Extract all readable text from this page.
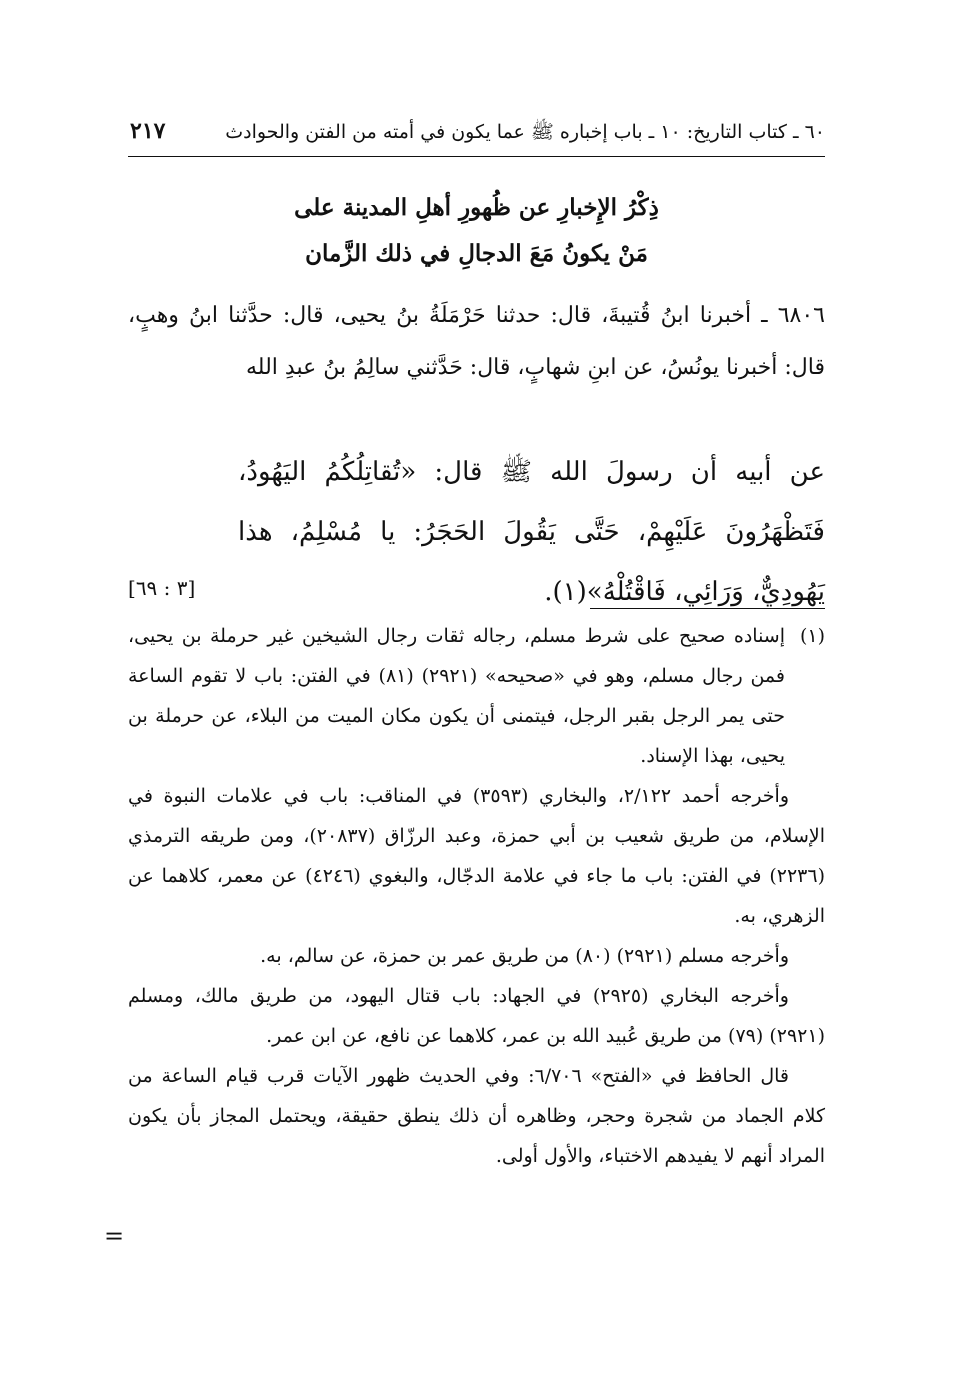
٦٠ ـ كتاب التاريخ: ١٠ ـ باب إخباره ﷺ عما يكون في أمته من الفتن والحوادث
٢١٧
ذِكْرُ الإِخبارِ عن ظُهورِ أهلِ المدينة على
مَنْ يكونُ مَعَ الدجالِ في ذلك الزَّمان
٦٨٠٦ ـ أخبرنا ابنُ قُتيبةَ، قال: حدثنا حَرْمَلَةُ بنُ يحيى، قال: حدَّثنا ابنُ وهبٍ، قال: أخبرنا يونُسُ، عن ابنِ شهابٍ، قال: حَدَّثني سالِمُ بنُ عبدِ الله
عن أبيه أن رسولَ الله ﷺ قال: «تُقاتِلُكُمُ اليَهُودُ، فَتَظْهَرُونَ عَلَيْهِمْ، حَتَّى يَقُولَ الحَجَرُ: يا مُسْلِمُ، هذا يَهُودِيٌّ، وَرَائِي، فَاقْتُلْهُ»(١).
[٣ : ٦٩]

(١)إسناده صحيح على شرط مسلم، رجاله ثقات رجال الشيخين غير حرملة بن يحيى، فمن رجال مسلم، وهو في «صحيحه» (٢٩٢١) (٨١) في الفتن: باب لا تقوم الساعة حتى يمر الرجل بقبر الرجل، فيتمنى أن يكون مكان الميت من البلاء، عن حرملة بن يحيى، بهذا الإسناد.

وأخرجه أحمد ٢/١٢٢، والبخاري (٣٥٩٣) في المناقب: باب في علامات النبوة في الإسلام، من طريق شعيب بن أبي حمزة، وعبد الرزّاق (٢٠٨٣٧)، ومن طريقه الترمذي (٢٢٣٦) في الفتن: باب ما جاء في علامة الدجّال، والبغوي (٤٢٤٦) عن معمر، كلاهما عن الزهري، به.

وأخرجه مسلم (٢٩٢١) (٨٠) من طريق عمر بن حمزة، عن سالم، به.

وأخرجه البخاري (٢٩٢٥) في الجهاد: باب قتال اليهود، من طريق مالك، ومسلم (٢٩٢١) (٧٩) من طريق عُبيد الله بن عمر، كلاهما عن نافع، عن ابن عمر.

قال الحافظ في «الفتح» ٦/٧٠٦: وفي الحديث ظهور الآيات قرب قيام الساعة من كلام الجماد من شجرة وحجر، وظاهره أن ذلك ينطق حقيقة، ويحتمل المجاز بأن يكون المراد أنهم لا يفيدهم الاختباء، والأول أولى.

=
